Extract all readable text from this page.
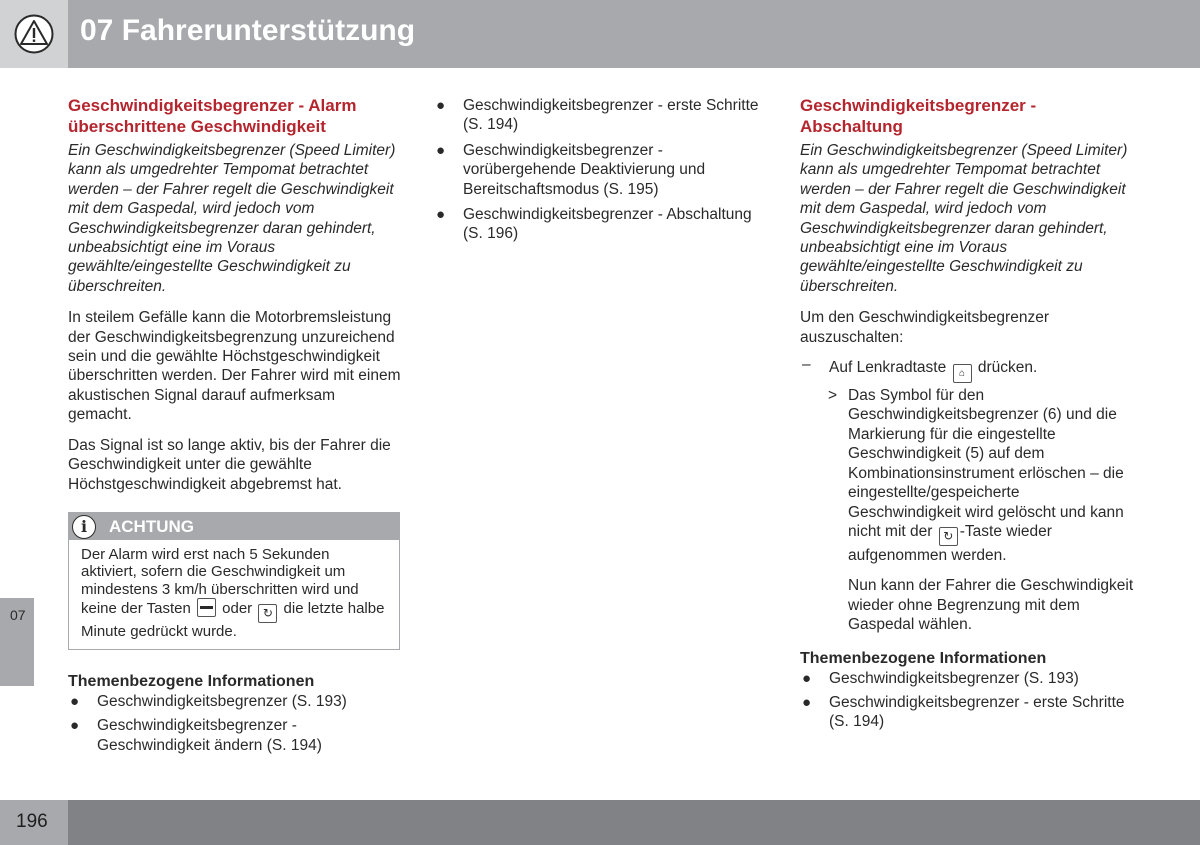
07 Fahrerunterstützung
07
196
Geschwindigkeitsbegrenzer - Alarm überschrittene Geschwindigkeit

Ein Geschwindigkeitsbegrenzer (Speed Limiter) kann als umgedrehter Tempomat betrachtet werden – der Fahrer regelt die Geschwindigkeit mit dem Gaspedal, wird jedoch vom Geschwindigkeitsbegrenzer daran gehindert, unbeabsichtigt eine im Voraus gewählte/eingestellte Geschwindigkeit zu überschreiten.

In steilem Gefälle kann die Motorbremsleistung der Geschwindigkeitsbegrenzung unzureichend sein und die gewählte Höchstgeschwindigkeit überschritten werden. Der Fahrer wird mit einem akustischen Signal darauf aufmerksam gemacht.

Das Signal ist so lange aktiv, bis der Fahrer die Geschwindigkeit unter die gewählte Höchstgeschwindigkeit abgebremst hat.

i	ACHTUNG
Der Alarm wird erst nach 5 Sekunden aktiviert, sofern die Geschwindigkeit um mindestens 3 km/h überschritten wird und keine der Tasten oder ↻ die letzte halbe Minute gedrückt wurde.
Themenbezogene Informationen
● Geschwindigkeitsbegrenzer (S. 193)
● Geschwindigkeitsbegrenzer - Geschwindigkeit ändern (S. 194)
● Geschwindigkeitsbegrenzer - erste Schritte (S. 194)
● Geschwindigkeitsbegrenzer - vorübergehende Deaktivierung und Bereitschaftsmodus (S. 195)
● Geschwindigkeitsbegrenzer - Abschaltung (S. 196)
Geschwindigkeitsbegrenzer - Abschaltung

Ein Geschwindigkeitsbegrenzer (Speed Limiter) kann als umgedrehter Tempomat betrachtet werden – der Fahrer regelt die Geschwindigkeit mit dem Gaspedal, wird jedoch vom Geschwindigkeitsbegrenzer daran gehindert, unbeabsichtigt eine im Voraus gewählte/eingestellte Geschwindigkeit zu überschreiten.

Um den Geschwindigkeitsbegrenzer auszuschalten:

– Auf Lenkradtaste ⌂ drücken.
> Das Symbol für den Geschwindigkeitsbegrenzer (6) und die Markierung für die eingestellte Geschwindigkeit (5) auf dem Kombinationsinstrument erlöschen – die eingestellte/gespeicherte Geschwindigkeit wird gelöscht und kann nicht mit der ↻ -Taste wieder aufgenommen werden.

Nun kann der Fahrer die Geschwindigkeit wieder ohne Begrenzung mit dem Gaspedal wählen.

Themenbezogene Informationen
● Geschwindigkeitsbegrenzer (S. 193)
● Geschwindigkeitsbegrenzer - erste Schritte (S. 194)
